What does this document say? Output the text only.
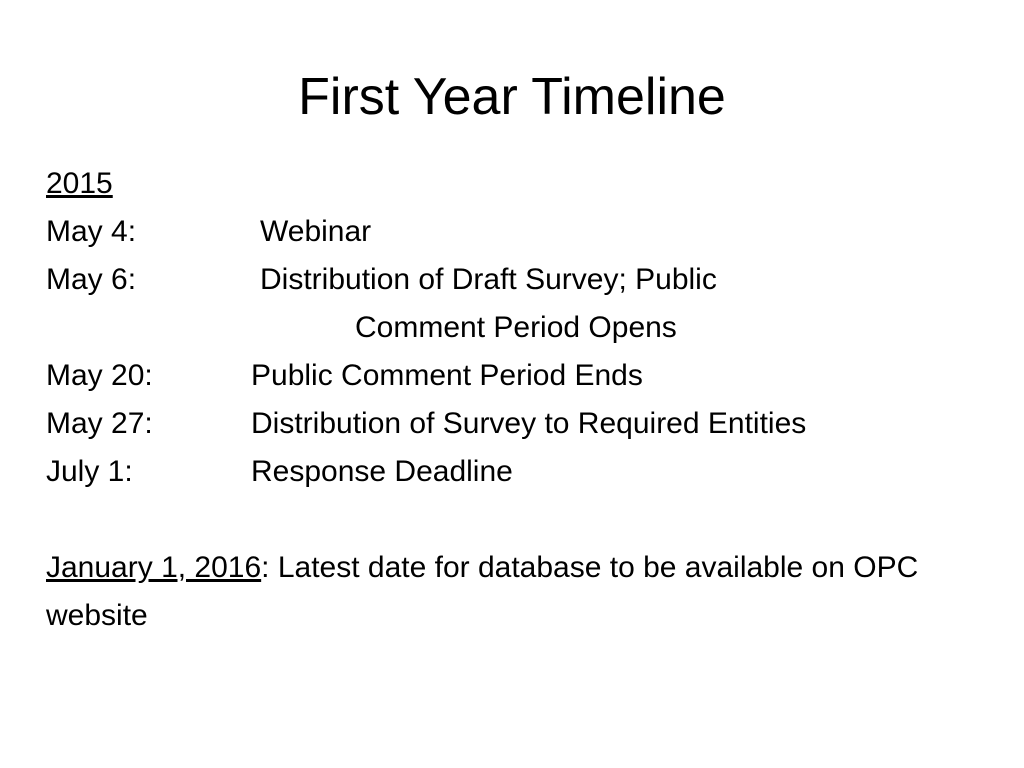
First Year Timeline
2015
May 4:	Webinar
May 6:	Distribution of Draft Survey; Public
Comment Period Opens
May 20:	Public Comment Period Ends
May 27:	Distribution of Survey to Required Entities
July 1:	Response Deadline
January 1, 2016: Latest date for database to be available on OPC website
